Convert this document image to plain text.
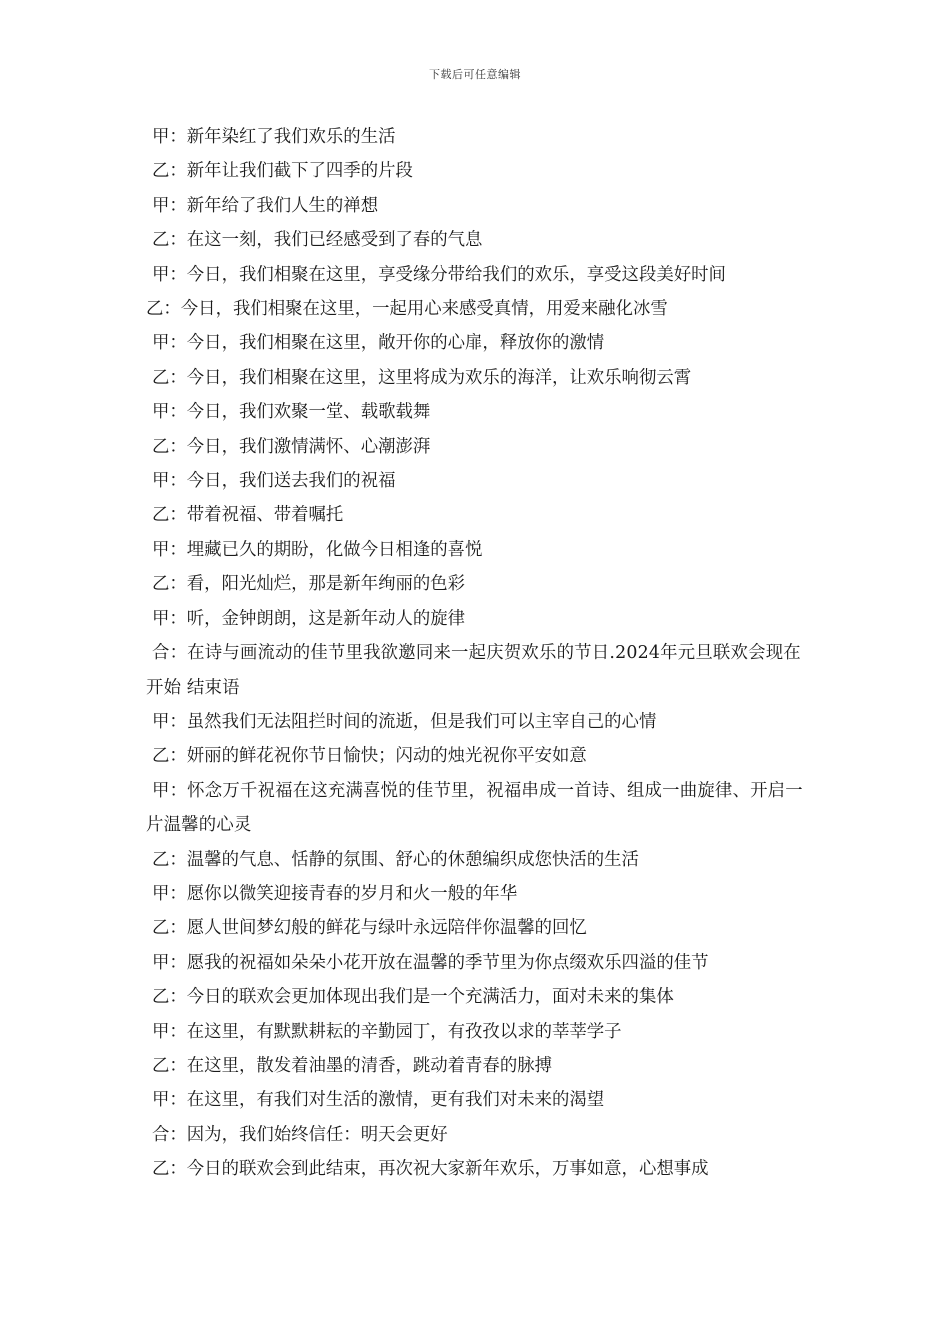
下载后可任意编辑
甲：新年染红了我们欢乐的生活
乙：新年让我们截下了四季的片段
甲：新年给了我们人生的禅想
乙：在这一刻，我们已经感受到了春的气息
甲：今日，我们相聚在这里，享受缘分带给我们的欢乐，享受这段美好时间
乙：今日，我们相聚在这里，一起用心来感受真情，用爱来融化冰雪
甲：今日，我们相聚在这里，敞开你的心扉，释放你的激情
乙：今日，我们相聚在这里，这里将成为欢乐的海洋，让欢乐响彻云霄
甲：今日，我们欢聚一堂、载歌载舞
乙：今日，我们激情满怀、心潮澎湃
甲：今日，我们送去我们的祝福
乙：带着祝福、带着嘱托
甲：埋藏已久的期盼，化做今日相逢的喜悦
乙：看，阳光灿烂，那是新年绚丽的色彩
甲：听，金钟朗朗，这是新年动人的旋律
合：在诗与画流动的佳节里我欲邀同来一起庆贺欢乐的节日.2024年元旦联欢会现在开始 结束语
甲：虽然我们无法阻拦时间的流逝，但是我们可以主宰自己的心情
乙：妍丽的鲜花祝你节日愉快；闪动的烛光祝你平安如意
甲：怀念万千祝福在这充满喜悦的佳节里，祝福串成一首诗、组成一曲旋律、开启一片温馨的心灵
乙：温馨的气息、恬静的氛围、舒心的休憩编织成您快活的生活
甲：愿你以微笑迎接青春的岁月和火一般的年华
乙：愿人世间梦幻般的鲜花与绿叶永远陪伴你温馨的回忆
甲：愿我的祝福如朵朵小花开放在温馨的季节里为你点缀欢乐四溢的佳节
乙：今日的联欢会更加体现出我们是一个充满活力，面对未来的集体
甲：在这里，有默默耕耘的辛勤园丁，有孜孜以求的莘莘学子
乙：在这里，散发着油墨的清香，跳动着青春的脉搏
甲：在这里，有我们对生活的激情，更有我们对未来的渴望
合：因为，我们始终信任：明天会更好
乙：今日的联欢会到此结束，再次祝大家新年欢乐，万事如意，心想事成
